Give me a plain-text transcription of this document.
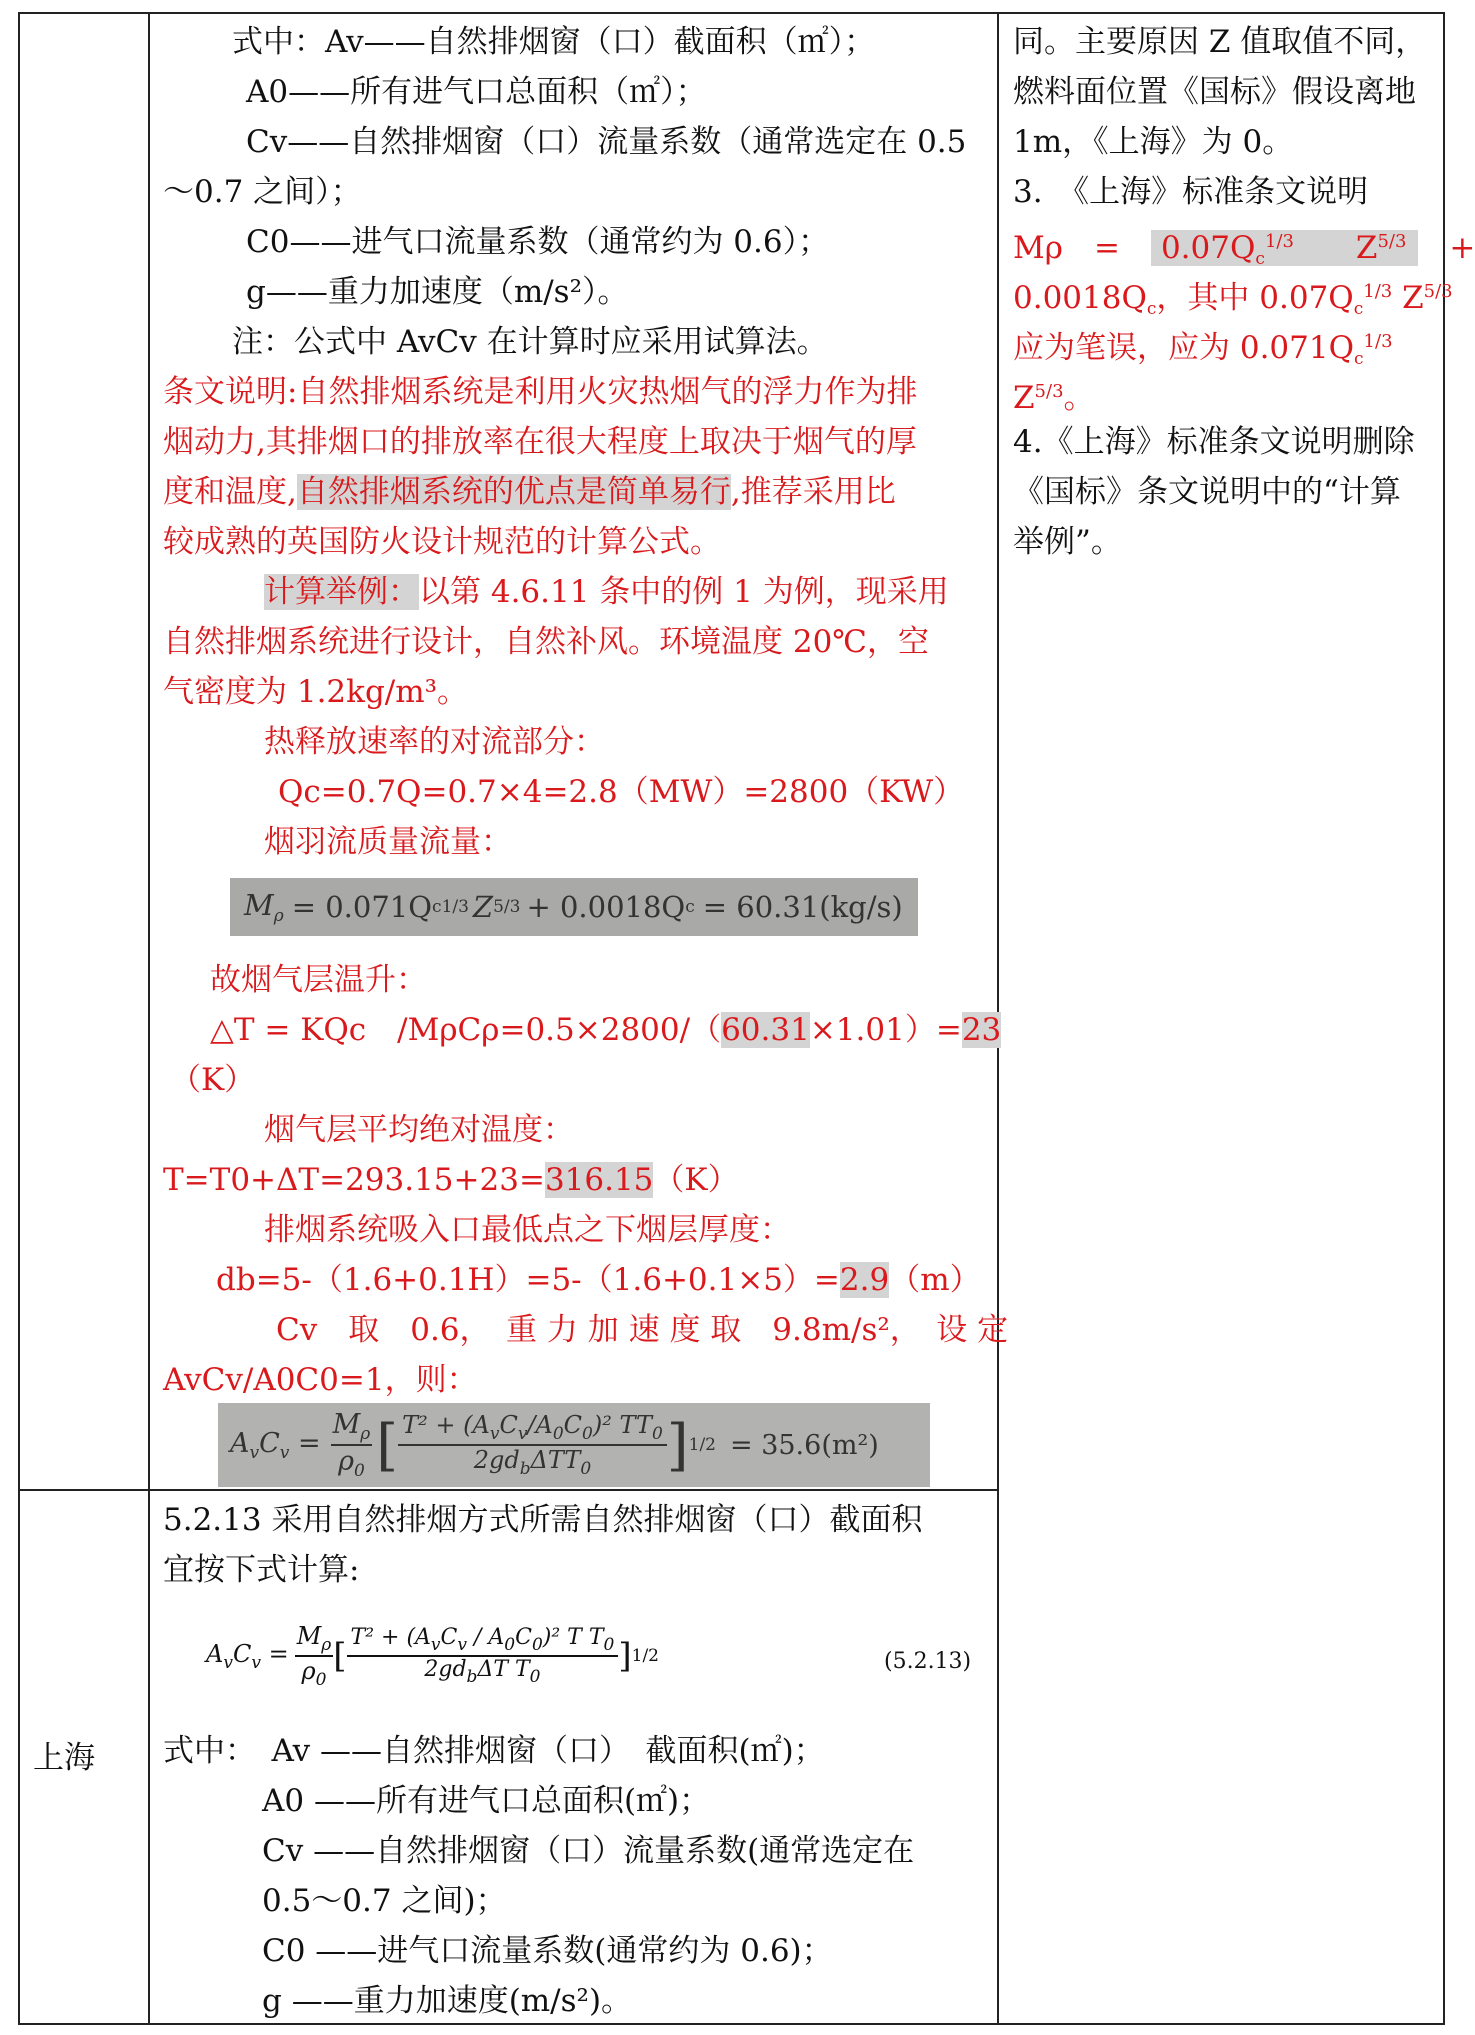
式中：Av——自然排烟窗（口）截面积（㎡）；
A0——所有进气口总面积（㎡）；
Cv——自然排烟窗（口）流量系数（通常选定在 0.5
～0.7 之间）；
C0——进气口流量系数（通常约为 0.6）；
g——重力加速度（m/s²）。
注：公式中 AvCv 在计算时应采用试算法。
条文说明:自然排烟系统是利用火灾热烟气的浮力作为排
烟动力,其排烟口的排放率在很大程度上取决于烟气的厚
度和温度,自然排烟系统的优点是简单易行,推荐采用比
较成熟的英国防火设计规范的计算公式。
计算举例：以第 4.6.11 条中的例 1 为例，现采用
自然排烟系统进行设计，自然补风。环境温度 20℃，空
气密度为 1.2kg/m³。
热释放速率的对流部分：
Qc=0.7Q=0.7×4=2.8（MW）=2800（KW）
烟羽流质量流量：
$M_\rho = 0.071Q$ c 1/3 Z 5/3 + 0.0018Q c = 60.31(kg/s)
故烟气层温升：
△T = KQc　/MρCρ=0.5×2800/（60.31×1.01）=23
（K）
烟气层平均绝对温度：
T=T0+ΔT=293.15+23=316.15（K）
排烟系统吸入口最低点之下烟层厚度：
db=5-（1.6+0.1H）=5-（1.6+0.1×5）=2.9（m）
Cv　取　0.6，　重 力 加 速 度 取　9.8m/s²，　设 定
AvCv/A0C0=1，则：
$A_vC_v = \frac{M_\rho}{\rho_0}$ [ $T^2 + (A_vC_v/A_0C_0)^2$ $TT_0$
$2gd_b\Delta TT_0$ ] 1/2 = 35.6(m²)
同。主要原因 Z 值取值不同，
燃料面位置《国标》假设离地
1m，《上海》为 0。
3.　《上海》标准条文说明
Mρ　=　$0.07Q_c^{1/3}$　　$Z^{5/3}$　 +
$0.0018Q_c$，其中 $0.07Q_c^{1/3}$ $Z^{5/3}$
应为笔误，应为 $0.071Q_c^{1/3}$
$Z^{5/3}$。
4.《上海》标准条文说明删除
《国标》条文说明中的“计算
举例”。
上海
5.2.13 采用自然排烟方式所需自然排烟窗（口）截面积
宜按下式计算:
$A_vC_v = \frac{M_\rho}{\rho_0}$ [ $T^2 + (A_vC_v / A_0C_0)^2$ T $T_0$
$2gd_b\Delta T$ $T_0$
] 1/2	(5.2.13)
式中：　Av ——自然排烟窗（口）　截面积(㎡)；
A0 ——所有进气口总面积(㎡)；
Cv ——自然排烟窗（口）流量系数(通常选定在
0.5～0.7 之间)；
C0 ——进气口流量系数(通常约为 0.6)；
g ——重力加速度(m/s²)。
